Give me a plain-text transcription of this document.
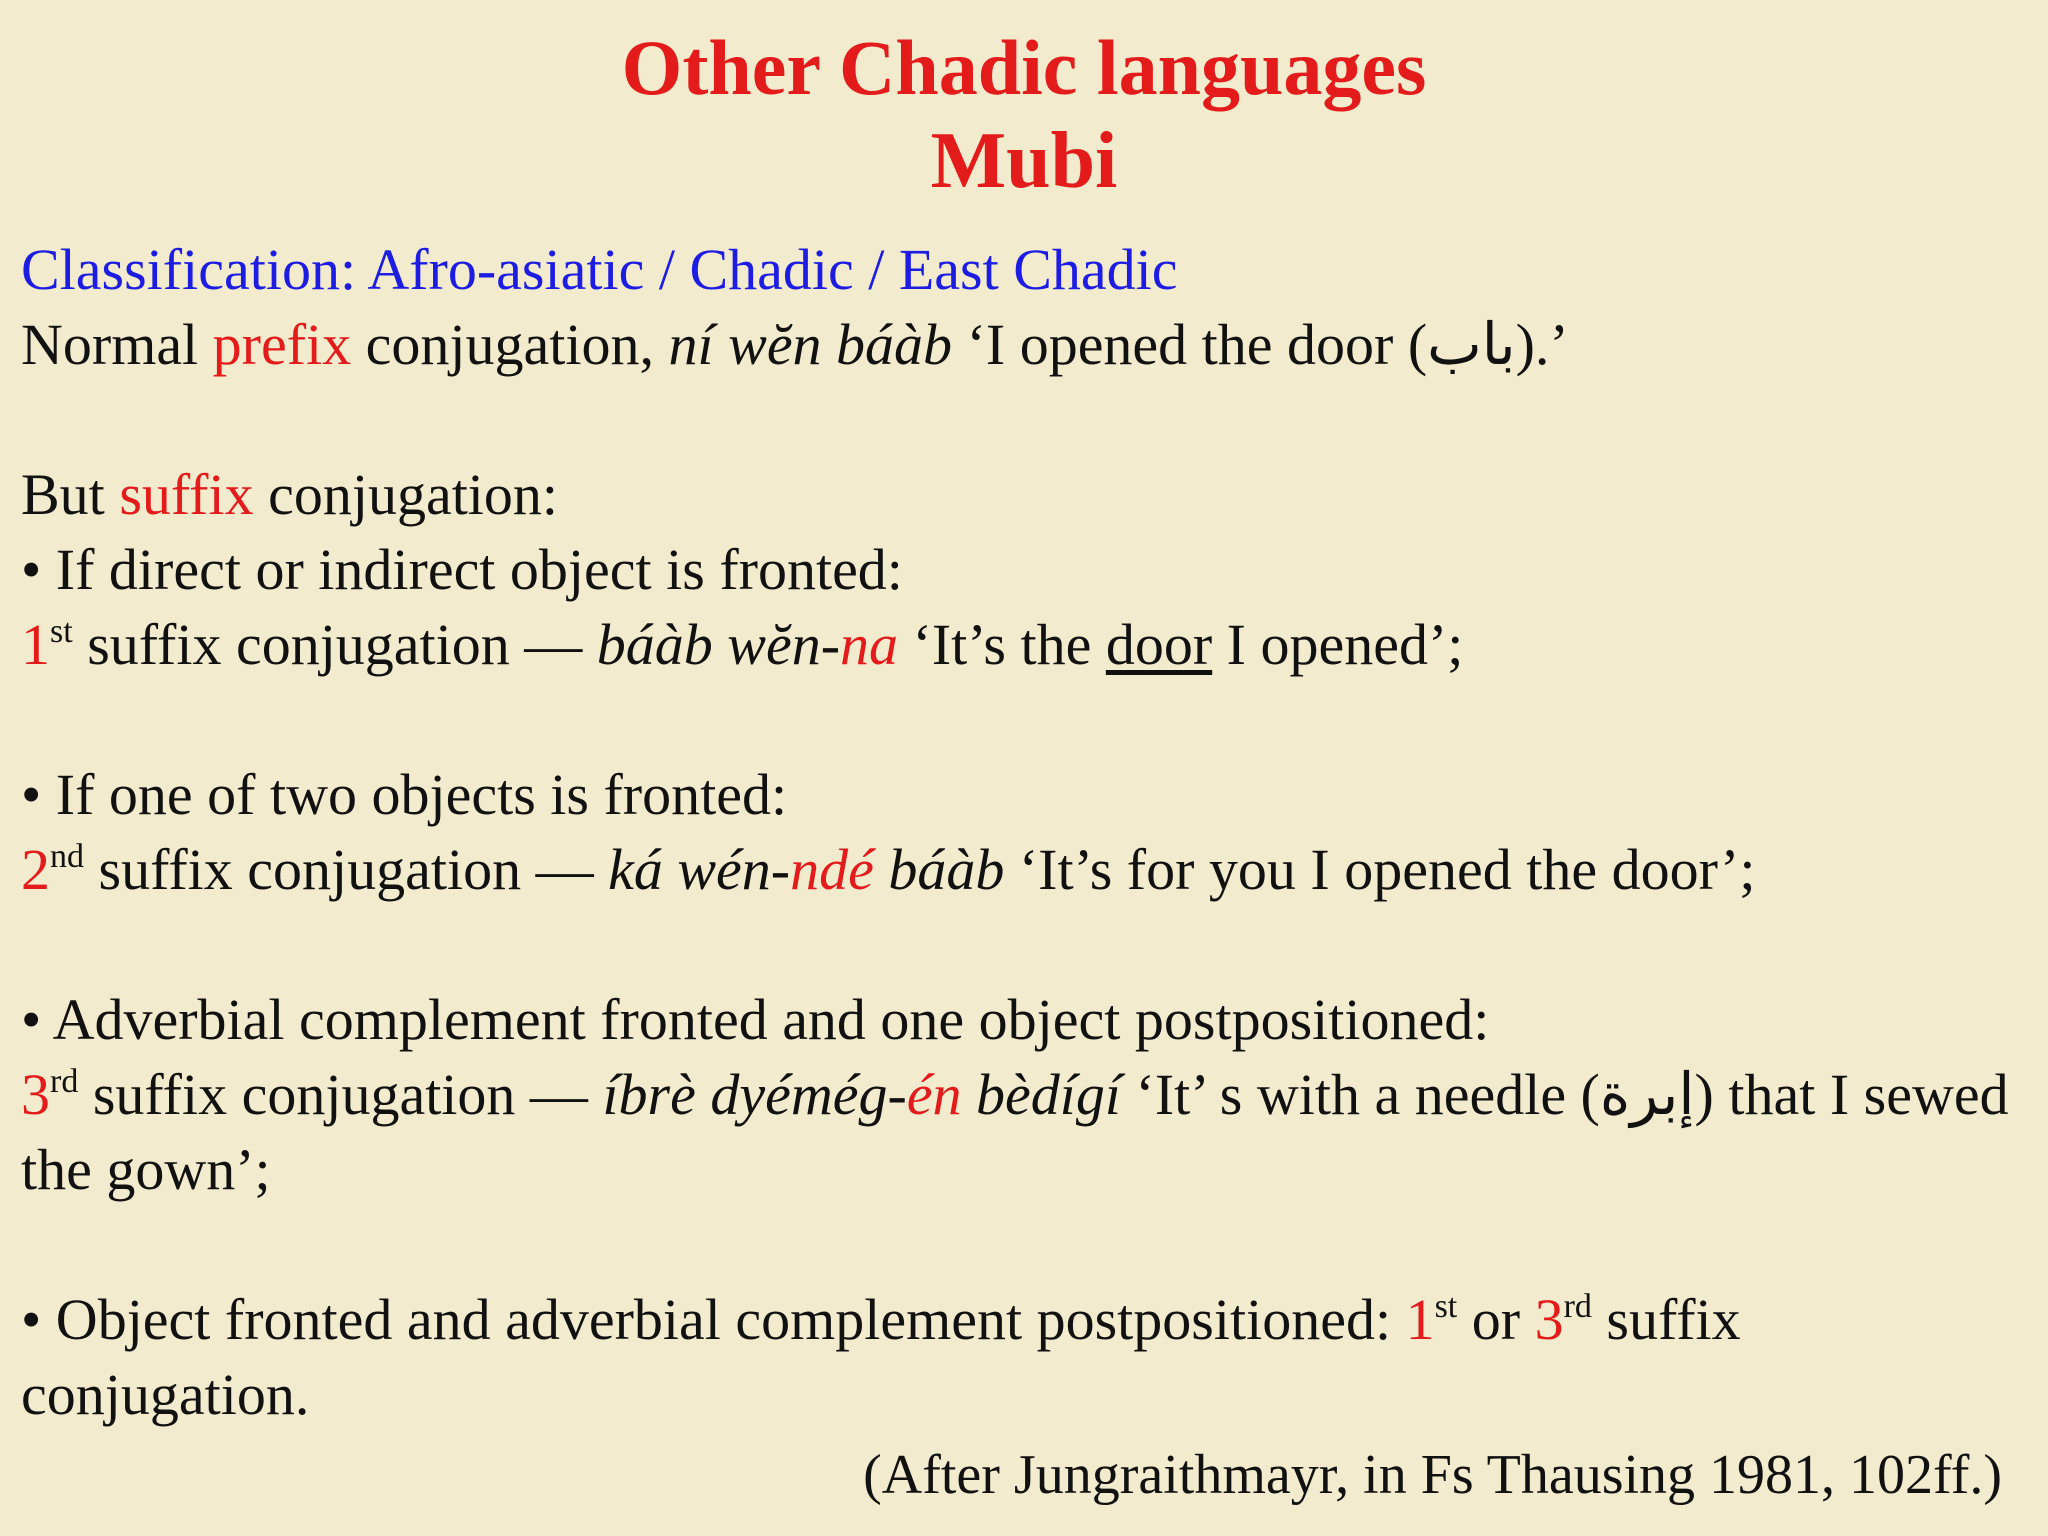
Other Chadic languages
Mubi

Classification: Afro-asiatic / Chadic / East Chadic

Normal prefix conjugation, ní wĕn báàb ‘I opened the door (باب).’

But suffix conjugation:

• If direct or indirect object is fronted:

1st suffix conjugation — báàb wĕn-na ‘It’s the door I opened’;

• If one of two objects is fronted:

2nd suffix conjugation — ká wén-ndé báàb ‘It’s for you I opened the door’;

• Adverbial complement fronted and one object postpositioned:

3rd suffix conjugation — íbrè dyémég-én bèdígí ‘It’ s with a needle (إبرة) that I sewed the gown’;

• Object fronted and adverbial complement postpositioned: 1st or 3rd suffix conjugation.

(After Jungraithmayr, in Fs Thausing 1981, 102ff.)
